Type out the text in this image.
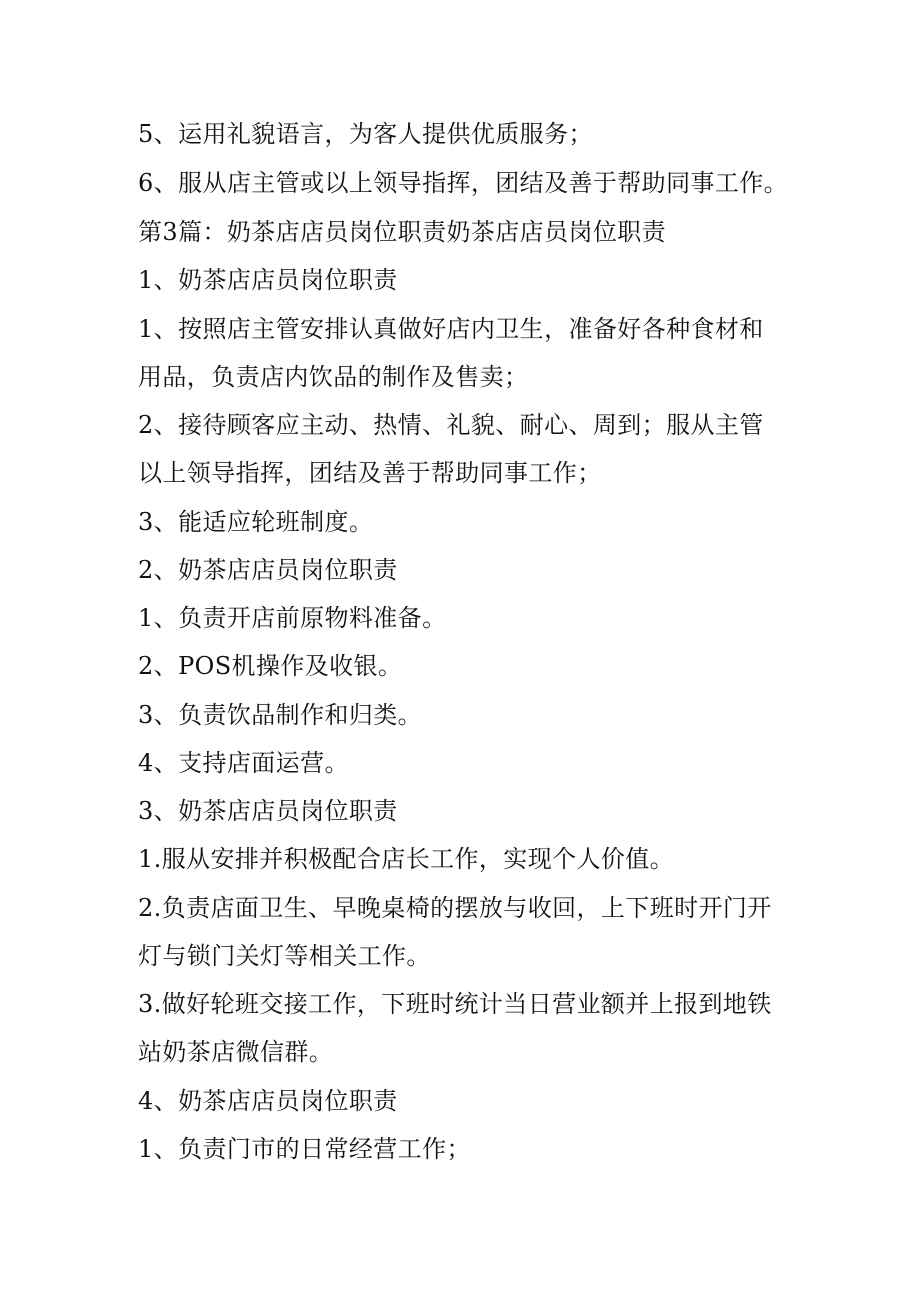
5、运用礼貌语言，为客人提供优质服务；
6、服从店主管或以上领导指挥，团结及善于帮助同事工作。
第3篇：奶茶店店员岗位职责奶茶店店员岗位职责
1、奶茶店店员岗位职责
1、按照店主管安排认真做好店内卫生，准备好各种食材和
用品，负责店内饮品的制作及售卖；
2、接待顾客应主动、热情、礼貌、耐心、周到；服从主管
以上领导指挥，团结及善于帮助同事工作；
3、能适应轮班制度。
2、奶茶店店员岗位职责
1、负责开店前原物料准备。
2、POS机操作及收银。
3、负责饮品制作和归类。
4、支持店面运营。
3、奶茶店店员岗位职责
1.服从安排并积极配合店长工作，实现个人价值。
2.负责店面卫生、早晚桌椅的摆放与收回，上下班时开门开
灯与锁门关灯等相关工作。
3.做好轮班交接工作，下班时统计当日营业额并上报到地铁
站奶茶店微信群。
4、奶茶店店员岗位职责
1、负责门市的日常经营工作；
